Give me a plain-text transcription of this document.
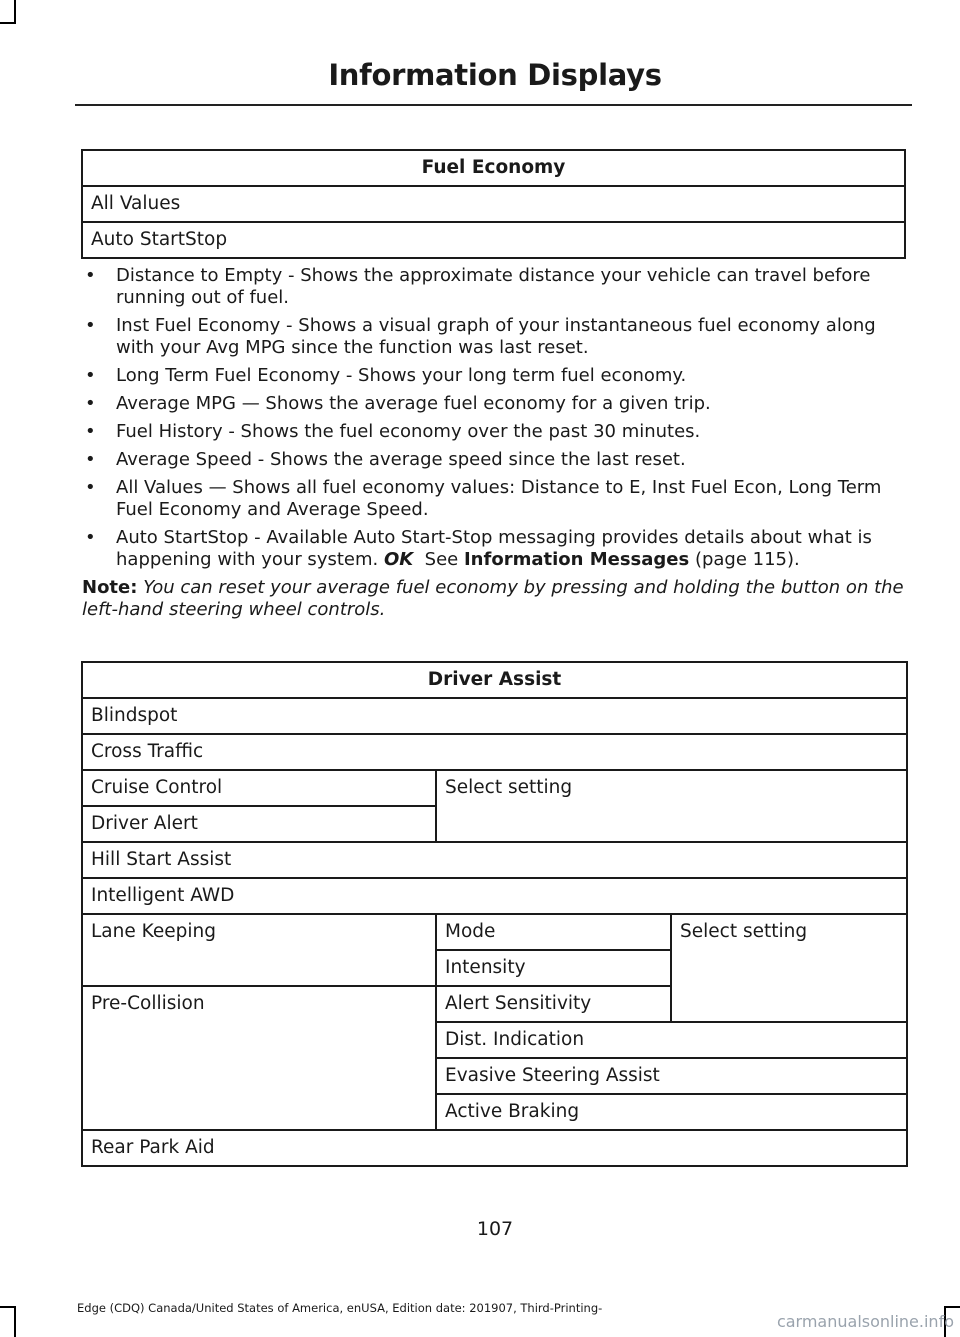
Information Displays
Fuel Economy
All Values
Auto StartStop
• Distance to Empty - Shows the approximate distance your vehicle can travel before running out of fuel.
• Inst Fuel Economy - Shows a visual graph of your instantaneous fuel economy along with your Avg MPG since the function was last reset.
• Long Term Fuel Economy - Shows your long term fuel economy.
• Average MPG — Shows the average fuel economy for a given trip.
• Fuel History - Shows the fuel economy over the past 30 minutes.
• Average Speed - Shows the average speed since the last reset.
• All Values — Shows all fuel economy values: Distance to E, Inst Fuel Econ, Long Term Fuel Economy and Average Speed.
• Auto StartStop - Available Auto Start-Stop messaging provides details about what is happening with your system. OK See Information Messages (page 115).
Note: You can reset your average fuel economy by pressing and holding the button on the left-hand steering wheel controls.
Driver Assist		
Blindspot		
Cross Traffic		
Cruise Control	Select setting	
Driver Alert		
Hill Start Assist		
Intelligent AWD		
Lane Keeping	Mode	Select setting
	Intensity	
Pre-Collision	Alert Sensitivity	
	Dist. Indication	
	Evasive Steering Assist	
	Active Braking	
Rear Park Aid		
107
Edge (CDQ) Canada/United States of America, enUSA, Edition date: 201907, Third-Printing-
carmanualsonline.info
